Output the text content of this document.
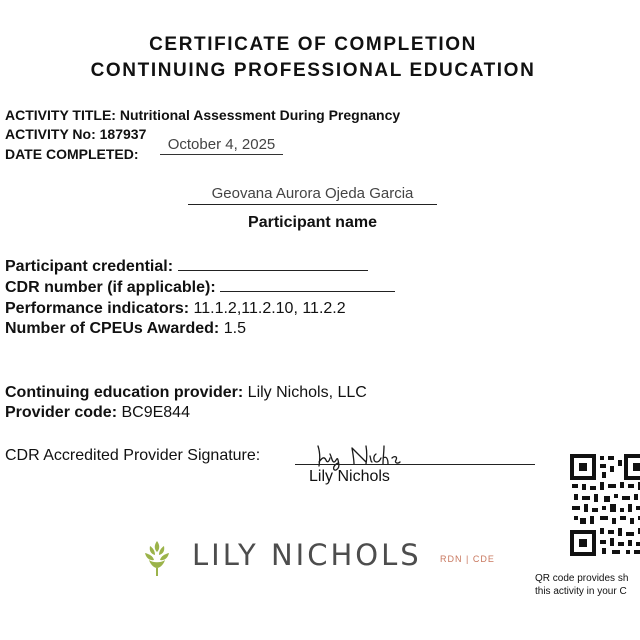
CERTIFICATE OF COMPLETION
CONTINUING PROFESSIONAL EDUCATION
ACTIVITY TITLE: Nutritional Assessment During Pregnancy
ACTIVITY No: 187937
DATE COMPLETED:
October 4, 2025
Geovana Aurora Ojeda Garcia
Participant name
Participant credential:
CDR number (if applicable):
Performance indicators: 11.1.2,11.2.10, 11.2.2
Number of CPEUs Awarded: 1.5
Continuing education provider: Lily Nichols, LLC
Provider code: BC9E844
CDR Accredited Provider Signature:
Lily Nichols
LILY NICHOLS RDN | CDE
QR code provides sh
this activity in your C
